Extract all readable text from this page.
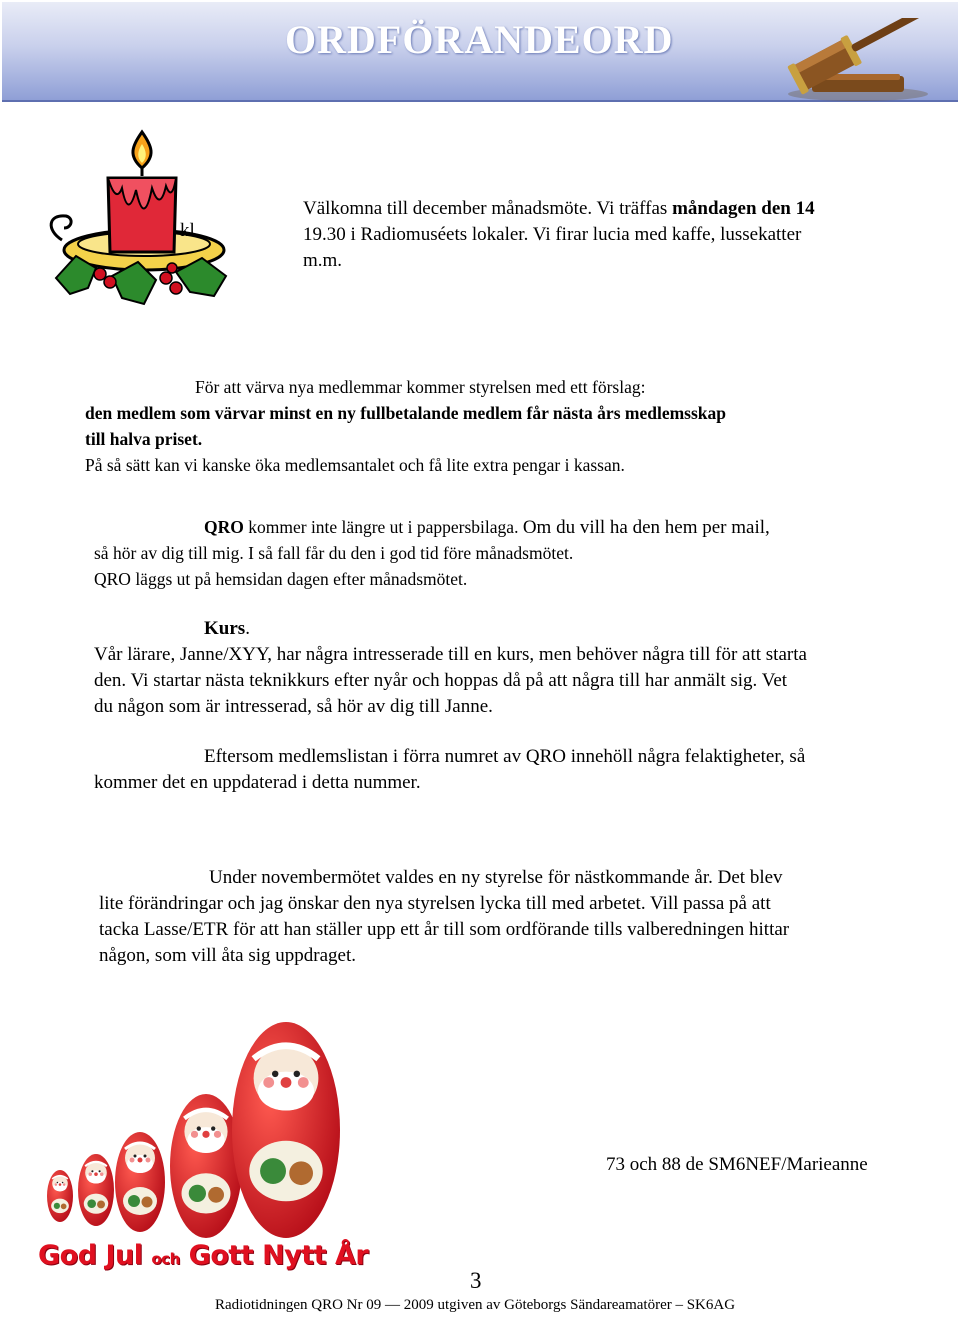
ORDFÖRANDEORD
kl.
Välkomna till december månadsmöte. Vi träffas måndagen den 14
19.30 i Radiomuséets lokaler. Vi firar lucia med kaffe, lussekatter
m.m.
För att värva nya medlemmar kommer styrelsen med ett förslag:
den medlem som värvar minst en ny fullbetalande medlem får nästa års medlemsskap
till halva priset.
På så sätt kan vi kanske öka medlemsantalet och få lite extra pengar i kassan.
QRO kommer inte längre ut i pappersbilaga. Om du vill ha den hem per mail,
så hör av dig till mig. I så fall får du den i god tid före månadsmötet.
QRO läggs ut på hemsidan dagen efter månadsmötet.
Kurs.
Vår lärare, Janne/XYY, har några intresserade till en kurs, men behöver några till för att starta
den. Vi startar nästa teknikkurs efter nyår och hoppas då på att några till har anmält sig. Vet
du någon som är intresserad, så hör av dig till Janne.
Eftersom medlemslistan i förra numret av QRO innehöll några felaktigheter, så
kommer det en uppdaterad i detta nummer.
Under novembermötet valdes en ny styrelse för nästkommande år. Det blev
lite förändringar och jag önskar den nya styrelsen lycka till med arbetet. Vill passa på att
tacka Lasse/ETR för att han ställer upp ett år till som ordförande tills valberedningen hittar
någon, som vill åta sig uppdraget.
73 och 88 de SM6NEF/Marieanne
God Jul och Gott Nytt År
3
Radiotidningen QRO Nr 09 — 2009 utgiven av Göteborgs Sändareamatörer – SK6AG
